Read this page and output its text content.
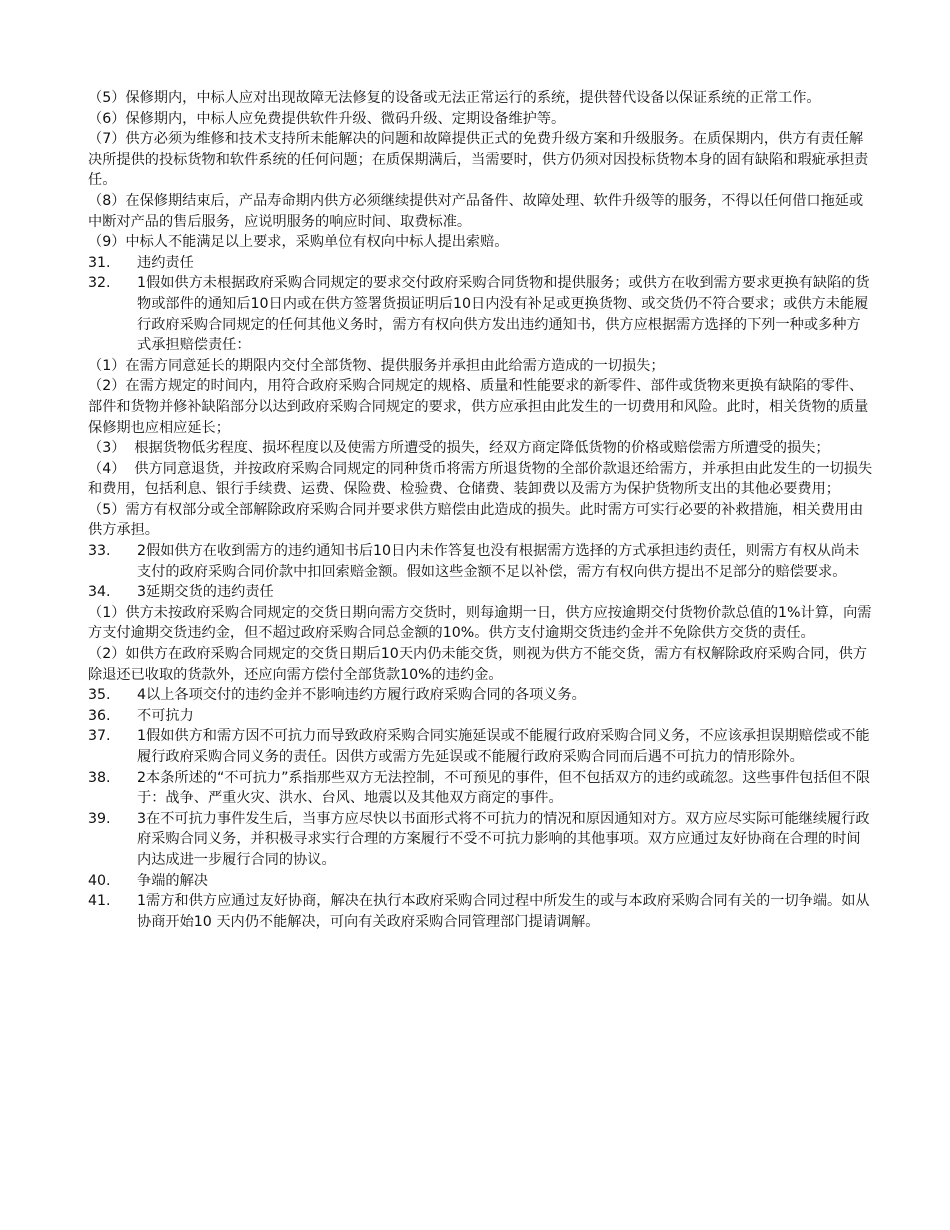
（5）保修期内，中标人应对出现故障无法修复的设备或无法正常运行的系统，提供替代设备以保证系统的正常工作。

（6）保修期内，中标人应免费提供软件升级、微码升级、定期设备维护等。

（7）供方必须为维修和技术支持所未能解决的问题和故障提供正式的免费升级方案和升级服务。在质保期内，供方有责任解决所提供的投标货物和软件系统的任何问题；在质保期满后，当需要时，供方仍须对因投标货物本身的固有缺陷和瑕疵承担责任。

（8）在保修期结束后，产品寿命期内供方必须继续提供对产品备件、故障处理、软件升级等的服务，不得以任何借口拖延或中断对产品的售后服务，应说明服务的响应时间、取费标准。

（9）中标人不能满足以上要求，采购单位有权向中标人提出索赔。

31.	违约责任
32.	1假如供方未根据政府采购合同规定的要求交付政府采购合同货物和提供服务；或供方在收到需方要求更换有缺陷的货物或部件的通知后10日内或在供方签署货损证明后10日内没有补足或更换货物、或交货仍不符合要求；或供方未能履行政府采购合同规定的任何其他义务时，需方有权向供方发出违约通知书，供方应根据需方选择的下列一种或多种方式承担赔偿责任：

（1）在需方同意延长的期限内交付全部货物、提供服务并承担由此给需方造成的一切损失；

（2）在需方规定的时间内，用符合政府采购合同规定的规格、质量和性能要求的新零件、部件或货物来更换有缺陷的零件、部件和货物并修补缺陷部分以达到政府采购合同规定的要求，供方应承担由此发生的一切费用和风险。此时，相关货物的质量保修期也应相应延长；

（3）  根据货物低劣程度、损坏程度以及使需方所遭受的损失，经双方商定降低货物的价格或赔偿需方所遭受的损失；

（4）  供方同意退货，并按政府采购合同规定的同种货币将需方所退货物的全部价款退还给需方，并承担由此发生的一切损失和费用，包括利息、银行手续费、运费、保险费、检验费、仓储费、装卸费以及需方为保护货物所支出的其他必要费用；

（5）需方有权部分或全部解除政府采购合同并要求供方赔偿由此造成的损失。此时需方可实行必要的补救措施，相关费用由供方承担。

33.	2假如供方在收到需方的违约通知书后10日内未作答复也没有根据需方选择的方式承担违约责任，则需方有权从尚未支付的政府采购合同价款中扣回索赔金额。假如这些金额不足以补偿，需方有权向供方提出不足部分的赔偿要求。
34.	3延期交货的违约责任

（1）供方未按政府采购合同规定的交货日期向需方交货时，则每逾期一日，供方应按逾期交付货物价款总值的1%计算，向需方支付逾期交货违约金，但不超过政府采购合同总金额的10%。供方支付逾期交货违约金并不免除供方交货的责任。

（2）如供方在政府采购合同规定的交货日期后10天内仍未能交货，则视为供方不能交货，需方有权解除政府采购合同，供方除退还已收取的货款外，还应向需方偿付全部货款10%的违约金。

35.	4以上各项交付的违约金并不影响违约方履行政府采购合同的各项义务。
36.	不可抗力
37.	1假如供方和需方因不可抗力而导致政府采购合同实施延误或不能履行政府采购合同义务，不应该承担误期赔偿或不能履行政府采购合同义务的责任。因供方或需方先延误或不能履行政府采购合同而后遇不可抗力的情形除外。
38.	2本条所述的“不可抗力”系指那些双方无法控制，不可预见的事件，但不包括双方的违约或疏忽。这些事件包括但不限于：战争、严重火灾、洪水、台风、地震以及其他双方商定的事件。
39.	3在不可抗力事件发生后，当事方应尽快以书面形式将不可抗力的情况和原因通知对方。双方应尽实际可能继续履行政府采购合同义务，并积极寻求实行合理的方案履行不受不可抗力影响的其他事项。双方应通过友好协商在合理的时间内达成进一步履行合同的协议。
40.	争端的解决
41.	1需方和供方应通过友好协商，解决在执行本政府采购合同过程中所发生的或与本政府采购合同有关的一切争端。如从协商开始10 天内仍不能解决，可向有关政府采购合同管理部门提请调解。
